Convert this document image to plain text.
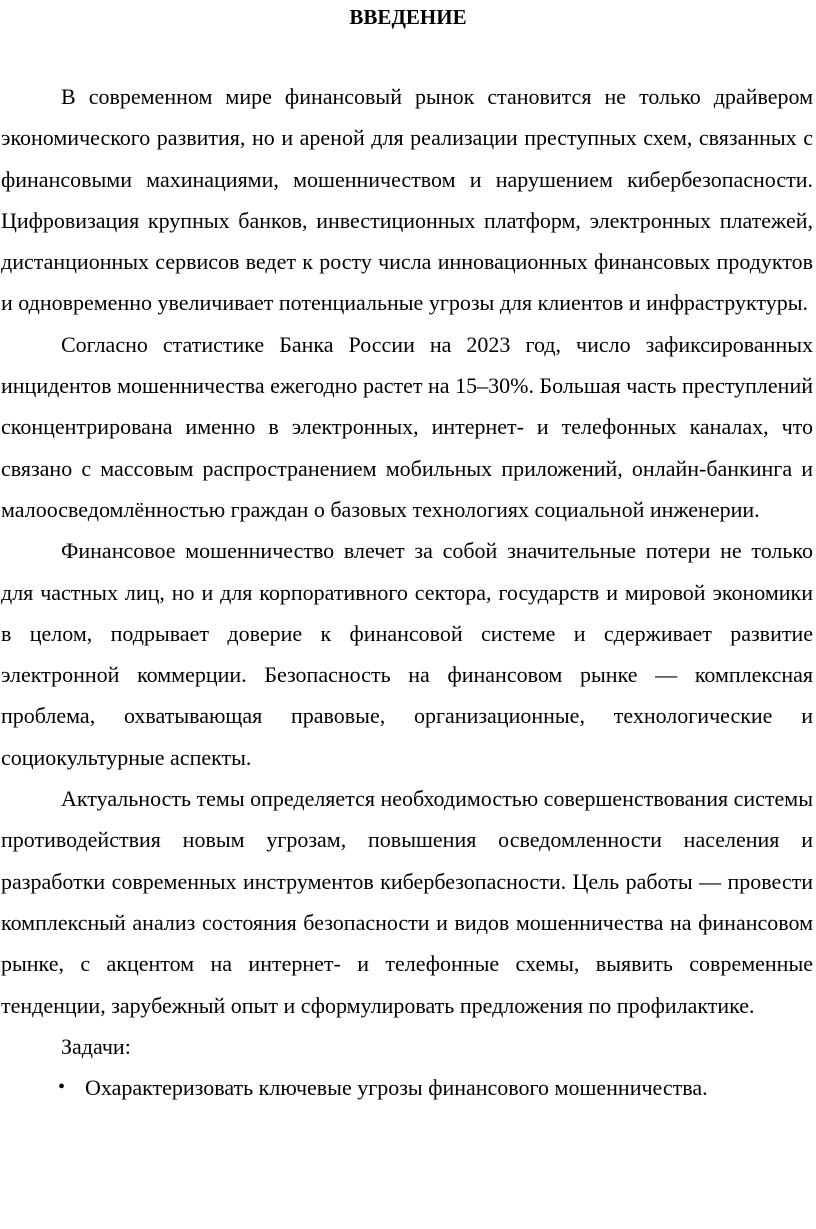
ВВЕДЕНИЕ

В современном мире финансовый рынок становится не только драйвером экономического развития, но и ареной для реализации преступных схем, связанных с финансовыми махинациями, мошенничеством и нарушением кибербезопасности. Цифровизация крупных банков, инвестиционных платформ, электронных платежей, дистанционных сервисов ведет к росту числа инновационных финансовых продуктов и одновременно увеличивает потенциальные угрозы для клиентов и инфраструктуры.

Согласно статистике Банка России на 2023 год, число зафиксированных инцидентов мошенничества ежегодно растет на 15–30%. Большая часть преступлений сконцентрирована именно в электронных, интернет- и телефонных каналах, что связано с массовым распространением мобильных приложений, онлайн-банкинга и малоосведомлённостью граждан о базовых технологиях социальной инженерии.

Финансовое мошенничество влечет за собой значительные потери не только для частных лиц, но и для корпоративного сектора, государств и мировой экономики в целом, подрывает доверие к финансовой системе и сдерживает развитие электронной коммерции. Безопасность на финансовом рынке — комплексная проблема, охватывающая правовые, организационные, технологические и социокультурные аспекты.

Актуальность темы определяется необходимостью совершенствования системы противодействия новым угрозам, повышения осведомленности населения и разработки современных инструментов кибербезопасности. Цель работы — провести комплексный анализ состояния безопасности и видов мошенничества на финансовом рынке, с акцентом на интернет- и телефонные схемы, выявить современные тенденции, зарубежный опыт и сформулировать предложения по профилактике.

Задачи:

• Охарактеризовать ключевые угрозы финансового мошенничества.
